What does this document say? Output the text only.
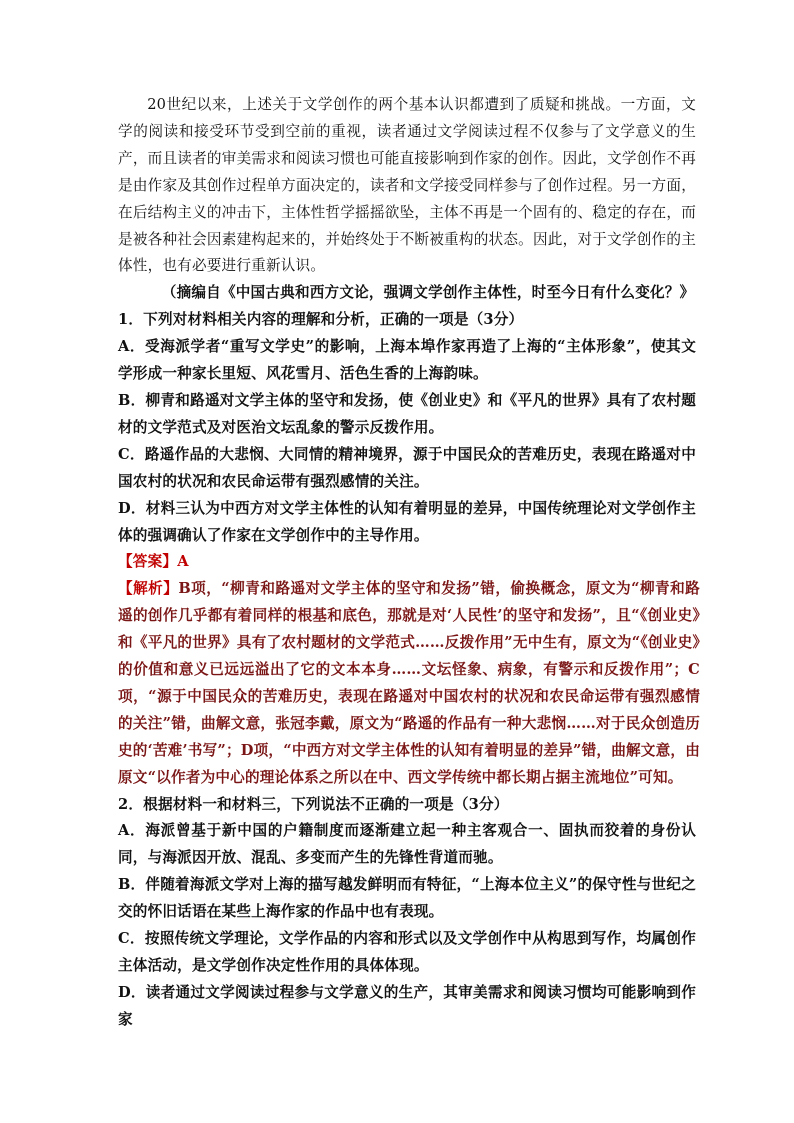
20世纪以来，上述关于文学创作的两个基本认识都遭到了质疑和挑战。一方面，文学的阅读和接受环节受到空前的重视，读者通过文学阅读过程不仅参与了文学意义的生产，而且读者的审美需求和阅读习惯也可能直接影响到作家的创作。因此，文学创作不再是由作家及其创作过程单方面决定的，读者和文学接受同样参与了创作过程。另一方面，在后结构主义的冲击下，主体性哲学摇摇欲坠，主体不再是一个固有的、稳定的存在，而是被各种社会因素建构起来的，并始终处于不断被重构的状态。因此，对于文学创作的主体性，也有必要进行重新认识。

（摘编自《中国古典和西方文论，强调文学创作主体性，时至今日有什么变化？》

1．下列对材料相关内容的理解和分析，正确的一项是（3分）

A．受海派学者“重写文学史”的影响，上海本埠作家再造了上海的“主体形象”，使其文学形成一种家长里短、风花雪月、活色生香的上海韵味。

B．柳青和路遥对文学主体的坚守和发扬，使《创业史》和《平凡的世界》具有了农村题材的文学范式及对医治文坛乱象的警示反拨作用。

C．路遥作品的大悲悯、大同情的精神境界，源于中国民众的苦难历史，表现在路遥对中国农村的状况和农民命运带有强烈感情的关注。

D．材料三认为中西方对文学主体性的认知有着明显的差异，中国传统理论对文学创作主体的强调确认了作家在文学创作中的主导作用。

【答案】A

【解析】B项，“柳青和路遥对文学主体的坚守和发扬”错，偷换概念，原文为“柳青和路遥的创作几乎都有着同样的根基和底色，那就是对‘人民性’的坚守和发扬”，且“《创业史》和《平凡的世界》具有了农村题材的文学范式……反拨作用”无中生有，原文为“《创业史》的价值和意义已远远溢出了它的文本本身……文坛怪象、病象，有警示和反拨作用”；C项，“源于中国民众的苦难历史，表现在路遥对中国农村的状况和农民命运带有强烈感情的关注”错，曲解文意，张冠李戴，原文为“路遥的作品有一种大悲悯……对于民众创造历史的‘苦难’书写”；D项，“中西方对文学主体性的认知有着明显的差异”错，曲解文意，由原文“以作者为中心的理论体系之所以在中、西文学传统中都长期占据主流地位”可知。

2．根据材料一和材料三，下列说法不正确的一项是（3分）

A．海派曾基于新中国的户籍制度而逐渐建立起一种主客观合一、固执而狡着的身份认同，与海派因开放、混乱、多变而产生的先锋性背道而驰。

B．伴随着海派文学对上海的描写越发鲜明而有特征，“上海本位主义”的保守性与世纪之交的怀旧话语在某些上海作家的作品中也有表现。

C．按照传统文学理论，文学作品的内容和形式以及文学创作中从构思到写作，均属创作主体活动，是文学创作决定性作用的具体体现。

D．读者通过文学阅读过程参与文学意义的生产，其审美需求和阅读习惯均可能影响到作家
